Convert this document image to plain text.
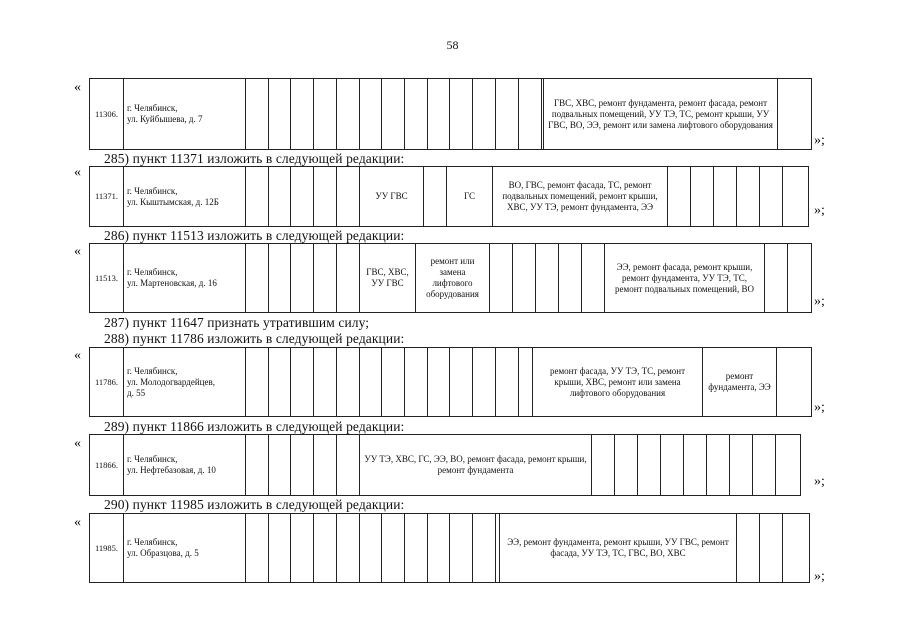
58
«
11306.
г. Челябинск,
ул. Куйбышева, д. 7
ГВС, ХВС, ремонт фундамента, ремонт фасада, ремонт подвальных помещений, УУ ТЭ, ТС, ремонт крыши, УУ ГВС, ВО, ЭЭ, ремонт или замена лифтового оборудования
»;
285) пункт 11371 изложить в следующей редакции:
«
11371.
г. Челябинск,
ул. Кыштымская, д. 12Б
УУ ГВС	ГС
ВО, ГВС, ремонт фасада, ТС, ремонт подвальных помещений, ремонт крыши, ХВС, УУ ТЭ, ремонт фундамента, ЭЭ	»;
286) пункт 11513 изложить в следующей редакции:
«
11513.
г. Челябинск,
ул. Мартеновская, д. 16
ГВС, ХВС, УУ ГВС
ремонт или замена лифтового оборудования
ЭЭ, ремонт фасада, ремонт крыши, ремонт фундамента, УУ ТЭ, ТС, ремонт подвальных помещений, ВО
»;
287) пункт 11647 признать утратившим силу;
288) пункт 11786 изложить в следующей редакции:
«
11786.
г. Челябинск,
ул. Молодогвардейцев,
д. 55
ремонт фасада, УУ ТЭ, ТС, ремонт крыши, ХВС, ремонт или замена лифтового оборудования
ремонт фундамента, ЭЭ
»;
289) пункт 11866 изложить в следующей редакции:
«
11866.
г. Челябинск,
ул. Нефтебазовая, д. 10
УУ ТЭ, ХВС, ГС, ЭЭ, ВО, ремонт фасада, ремонт крыши, ремонт фундамента
»;
290) пункт 11985 изложить в следующей редакции:
«
11985.
г. Челябинск,
ул. Образцова, д. 5
ЭЭ, ремонт фундамента, ремонт крыши, УУ ГВС, ремонт фасада, УУ ТЭ, ТС, ГВС, ВО, ХВС
»;
